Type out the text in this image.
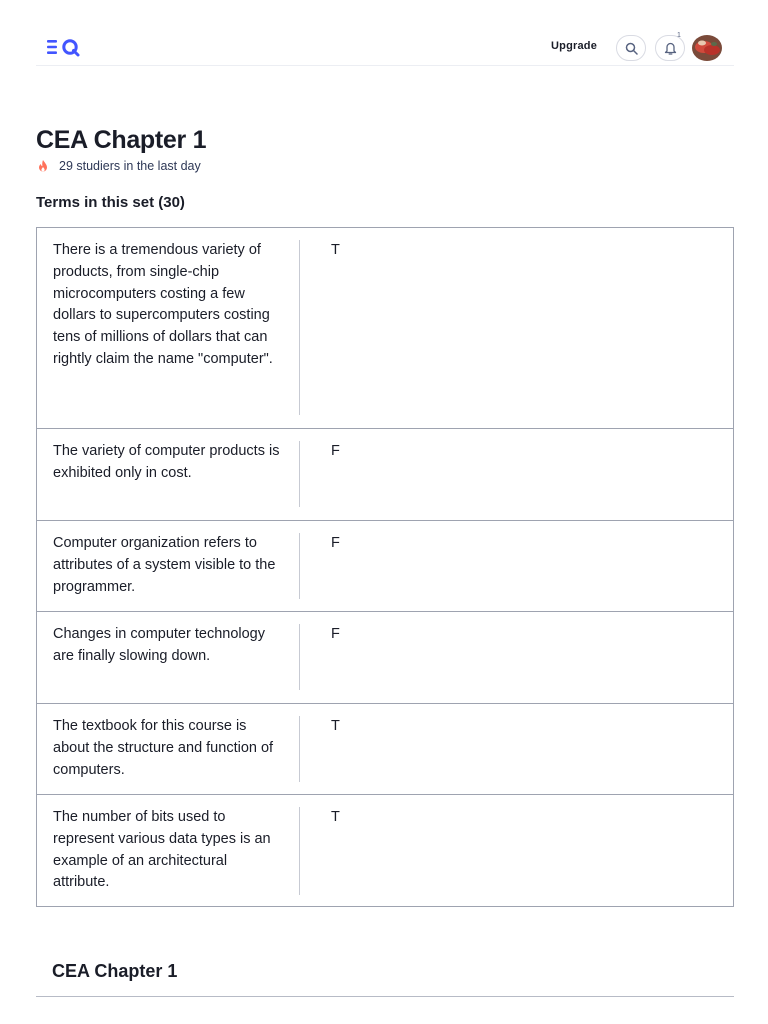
Upgrade
1
CEA Chapter 1
29 studiers in the last day
Terms in this set (30)
There is a tremendous variety of products, from single-chip microcomputers costing a few dollars to supercomputers costing tens of millions of dollars that can rightly claim the name "computer".
T
The variety of computer products is exhibited only in cost.
F
Computer organization refers to attributes of a system visible to the programmer.
F
Changes in computer technology are finally slowing down.
F
The textbook for this course is about the structure and function of computers.
T
The number of bits used to represent various data types is an example of an architectural attribute.
T
CEA Chapter 1
